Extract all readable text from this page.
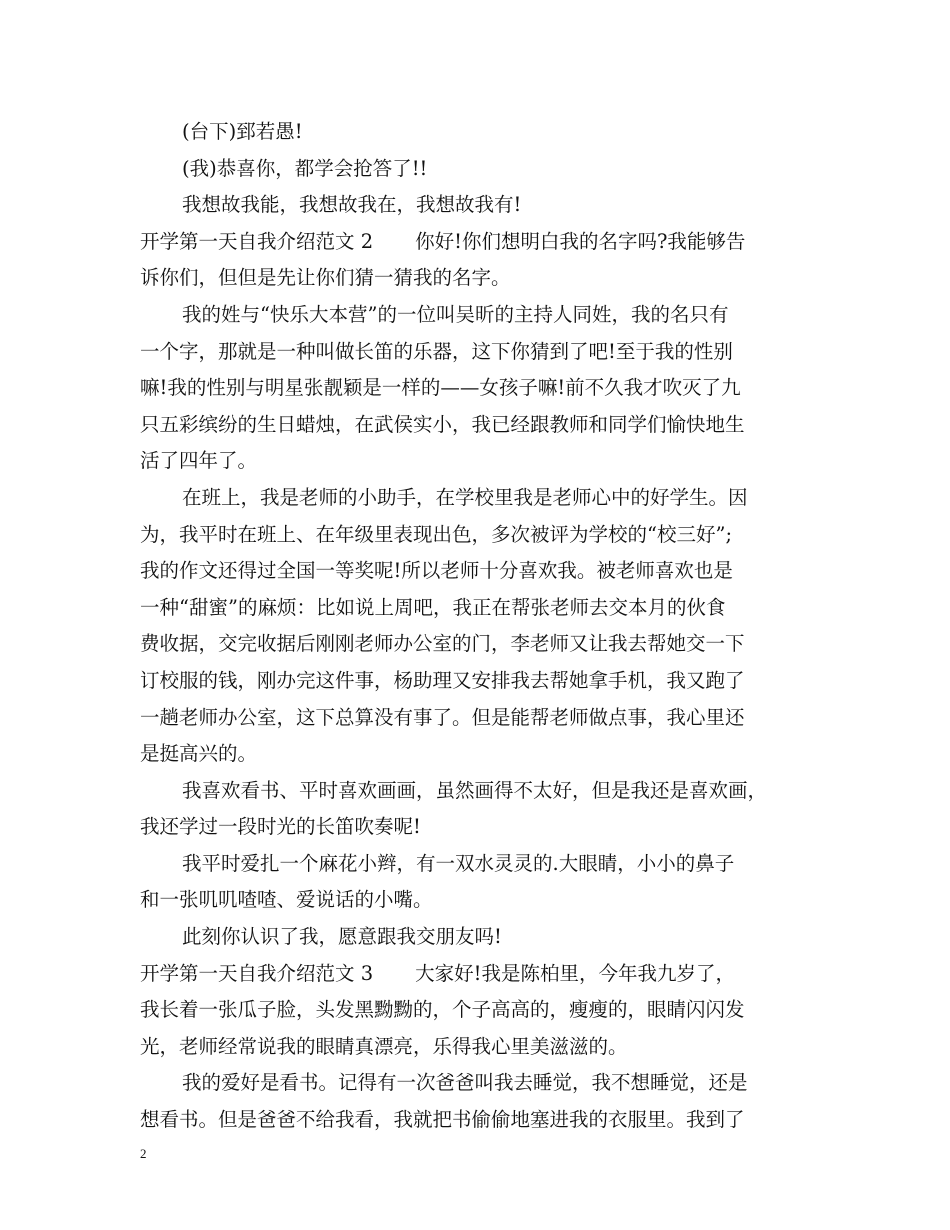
(台下)郅若愚!
(我)恭喜你，都学会抢答了!!
我想故我能，我想故我在，我想故我有!
开学第一天自我介绍范文 2 你好!你们想明白我的名字吗?我能够告
诉你们，但但是先让你们猜一猜我的名字。
我的姓与“快乐大本营”的一位叫吴昕的主持人同姓，我的名只有
一个字，那就是一种叫做长笛的乐器，这下你猜到了吧!至于我的性别
嘛!我的性别与明星张靓颖是一样的——女孩子嘛!前不久我才吹灭了九
只五彩缤纷的生日蜡烛，在武侯实小，我已经跟教师和同学们愉快地生
活了四年了。
在班上，我是老师的小助手，在学校里我是老师心中的好学生。因
为，我平时在班上、在年级里表现出色，多次被评为学校的“校三好”;
我的作文还得过全国一等奖呢!所以老师十分喜欢我。被老师喜欢也是
一种“甜蜜”的麻烦：比如说上周吧，我正在帮张老师去交本月的伙食
费收据，交完收据后刚刚老师办公室的门，李老师又让我去帮她交一下
订校服的钱，刚办完这件事，杨助理又安排我去帮她拿手机，我又跑了
一趟老师办公室，这下总算没有事了。但是能帮老师做点事，我心里还
是挺高兴的。
我喜欢看书、平时喜欢画画，虽然画得不太好，但是我还是喜欢画，
我还学过一段时光的长笛吹奏呢!
我平时爱扎一个麻花小辫，有一双水灵灵的.大眼睛，小小的鼻子
和一张叽叽喳喳、爱说话的小嘴。
此刻你认识了我，愿意跟我交朋友吗!
开学第一天自我介绍范文 3 大家好!我是陈柏里，今年我九岁了，
我长着一张瓜子脸，头发黑黝黝的，个子高高的，瘦瘦的，眼睛闪闪发
光，老师经常说我的眼睛真漂亮，乐得我心里美滋滋的。
我的爱好是看书。记得有一次爸爸叫我去睡觉，我不想睡觉，还是
想看书。但是爸爸不给我看，我就把书偷偷地塞进我的衣服里。我到了
2
